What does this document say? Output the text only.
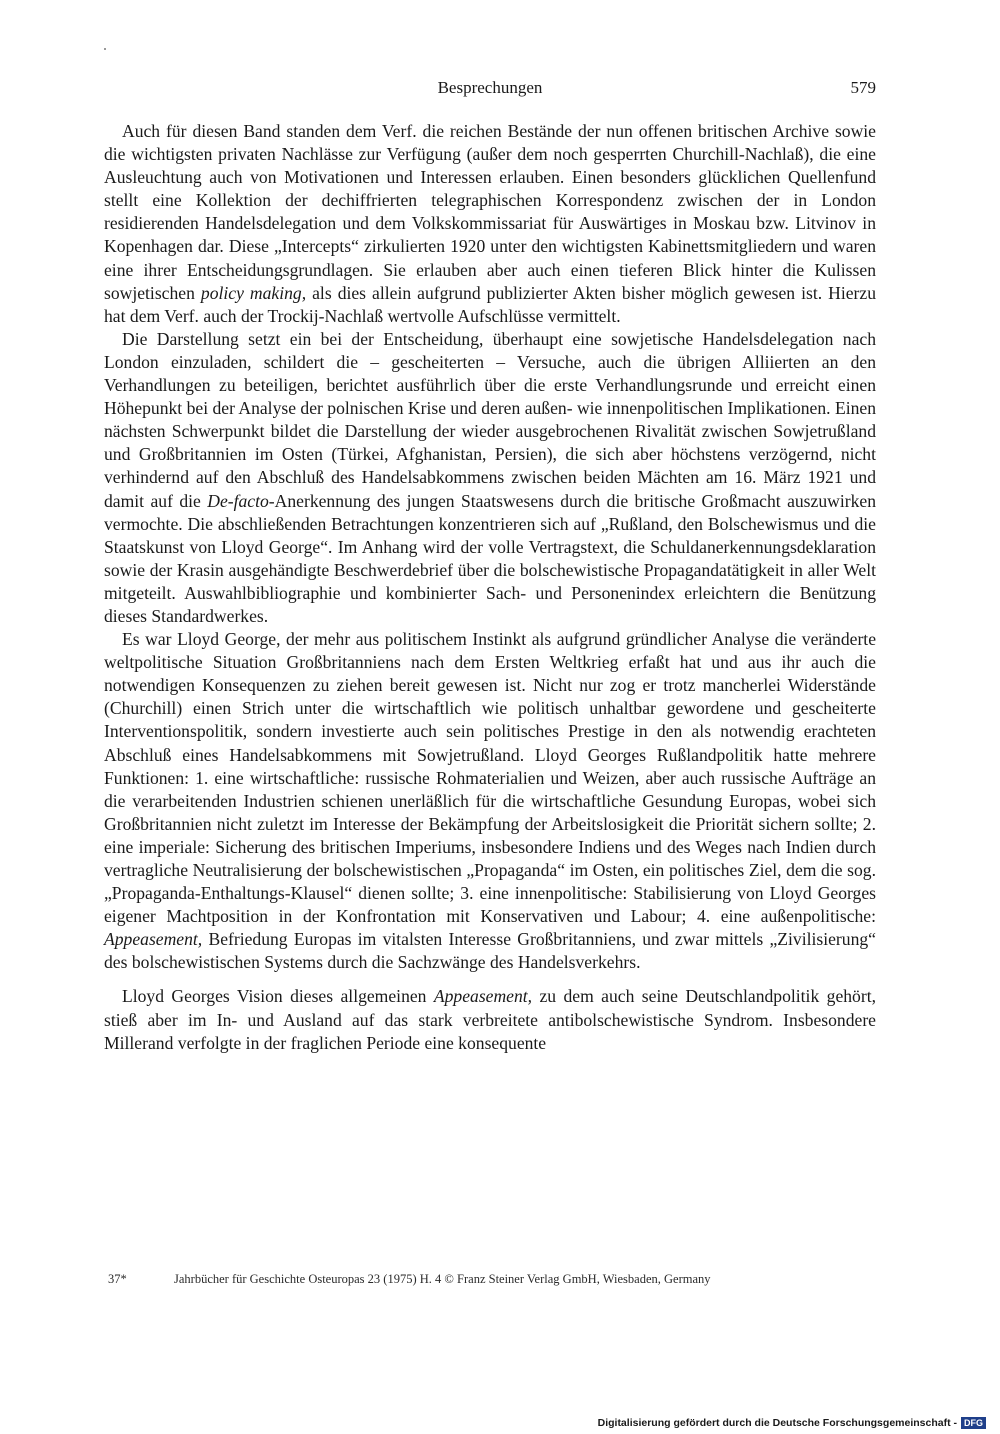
Besprechungen	579

Auch für diesen Band standen dem Verf. die reichen Bestände der nun offenen britischen Archive sowie die wichtigsten privaten Nachlässe zur Verfügung (außer dem noch gesperrten Churchill-Nachlaß), die eine Ausleuchtung auch von Motivationen und Interessen erlauben. Einen besonders glücklichen Quellenfund stellt eine Kollektion der dechiffrierten telegraphischen Korrespondenz zwischen der in London residierenden Handelsdelegation und dem Volkskommissariat für Auswärtiges in Moskau bzw. Litvinov in Kopenhagen dar. Diese „Intercepts“ zirkulierten 1920 unter den wichtigsten Kabinettsmitgliedern und waren eine ihrer Entscheidungsgrundlagen. Sie erlauben aber auch einen tieferen Blick hinter die Kulissen sowjetischen policy making, als dies allein aufgrund publizierter Akten bisher möglich gewesen ist. Hierzu hat dem Verf. auch der Trockij-Nachlaß wertvolle Aufschlüsse vermittelt.

Die Darstellung setzt ein bei der Entscheidung, überhaupt eine sowjetische Handelsdelegation nach London einzuladen, schildert die – gescheiterten – Versuche, auch die übrigen Alliierten an den Verhandlungen zu beteiligen, berichtet ausführlich über die erste Verhandlungsrunde und erreicht einen Höhepunkt bei der Analyse der polnischen Krise und deren außen- wie innenpolitischen Implikationen. Einen nächsten Schwerpunkt bildet die Darstellung der wieder ausgebrochenen Rivalität zwischen Sowjetrußland und Großbritannien im Osten (Türkei, Afghanistan, Persien), die sich aber höchstens verzögernd, nicht verhindernd auf den Abschluß des Handelsabkommens zwischen beiden Mächten am 16. März 1921 und damit auf die De-facto-Anerkennung des jungen Staatswesens durch die britische Großmacht auszuwirken vermochte. Die abschließenden Betrachtungen konzentrieren sich auf „Rußland, den Bolschewismus und die Staatskunst von Lloyd George“. Im Anhang wird der volle Vertragstext, die Schuldanerkennungsdeklaration sowie der Krasin ausgehändigte Beschwerdebrief über die bolschewistische Propagandatätigkeit in aller Welt mitgeteilt. Auswahlbibliographie und kombinierter Sach- und Personenindex erleichtern die Benützung dieses Standardwerkes.

Es war Lloyd George, der mehr aus politischem Instinkt als aufgrund gründlicher Analyse die veränderte weltpolitische Situation Großbritanniens nach dem Ersten Weltkrieg erfaßt hat und aus ihr auch die notwendigen Konsequenzen zu ziehen bereit gewesen ist. Nicht nur zog er trotz mancherlei Widerstände (Churchill) einen Strich unter die wirtschaftlich wie politisch unhaltbar gewordene und gescheiterte Interventionspolitik, sondern investierte auch sein politisches Prestige in den als notwendig erachteten Abschluß eines Handelsabkommens mit Sowjetrußland. Lloyd Georges Rußlandpolitik hatte mehrere Funktionen: 1. eine wirtschaftliche: russische Rohmaterialien und Weizen, aber auch russische Aufträge an die verarbeitenden Industrien schienen unerläßlich für die wirtschaftliche Gesundung Europas, wobei sich Großbritannien nicht zuletzt im Interesse der Bekämpfung der Arbeitslosigkeit die Priorität sichern sollte; 2. eine imperiale: Sicherung des britischen Imperiums, insbesondere Indiens und des Weges nach Indien durch vertragliche Neutralisierung der bolschewistischen „Propaganda“ im Osten, ein politisches Ziel, dem die sog. „Propaganda-Enthaltungs-Klausel“ dienen sollte; 3. eine innenpolitische: Stabilisierung von Lloyd Georges eigener Machtposition in der Konfrontation mit Konservativen und Labour; 4. eine außenpolitische: Appeasement, Befriedung Europas im vitalsten Interesse Großbritanniens, und zwar mittels „Zivilisierung“ des bolschewistischen Systems durch die Sachzwänge des Handelsverkehrs.

Lloyd Georges Vision dieses allgemeinen Appeasement, zu dem auch seine Deutschlandpolitik gehört, stieß aber im In- und Ausland auf das stark verbreitete antibolschewistische Syndrom. Insbesondere Millerand verfolgte in der fraglichen Periode eine konsequente

37*	Jahrbücher für Geschichte Osteuropas 23 (1975) H. 4 © Franz Steiner Verlag GmbH, Wiesbaden, Germany
Digitalisierung gefördert durch die Deutsche Forschungsgemeinschaft - DFG
